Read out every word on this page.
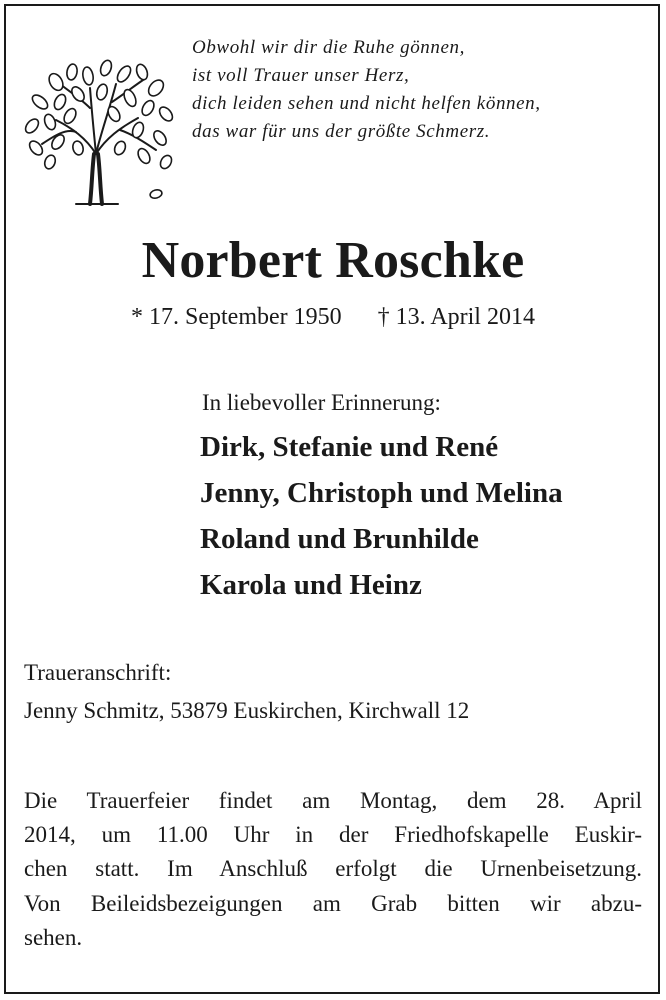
Obwohl wir dir die Ruhe gönnen,
ist voll Trauer unser Herz,
dich leiden sehen und nicht helfen können,
das war für uns der größte Schmerz.
Norbert Roschke
* 17. September 1950 † 13. April 2014
In liebevoller Erinnerung:
Dirk, Stefanie und René
Jenny, Christoph und Melina
Roland und Brunhilde
Karola und Heinz
Traueranschrift:
Jenny Schmitz, 53879 Euskirchen, Kirchwall 12
Die Trauerfeier findet am Montag, dem 28. April
2014, um 11.00 Uhr in der Friedhofskapelle Euskir-
chen statt. Im Anschluß erfolgt die Urnenbeisetzung.
Von Beileidsbezeigungen am Grab bitten wir abzu-
sehen.
